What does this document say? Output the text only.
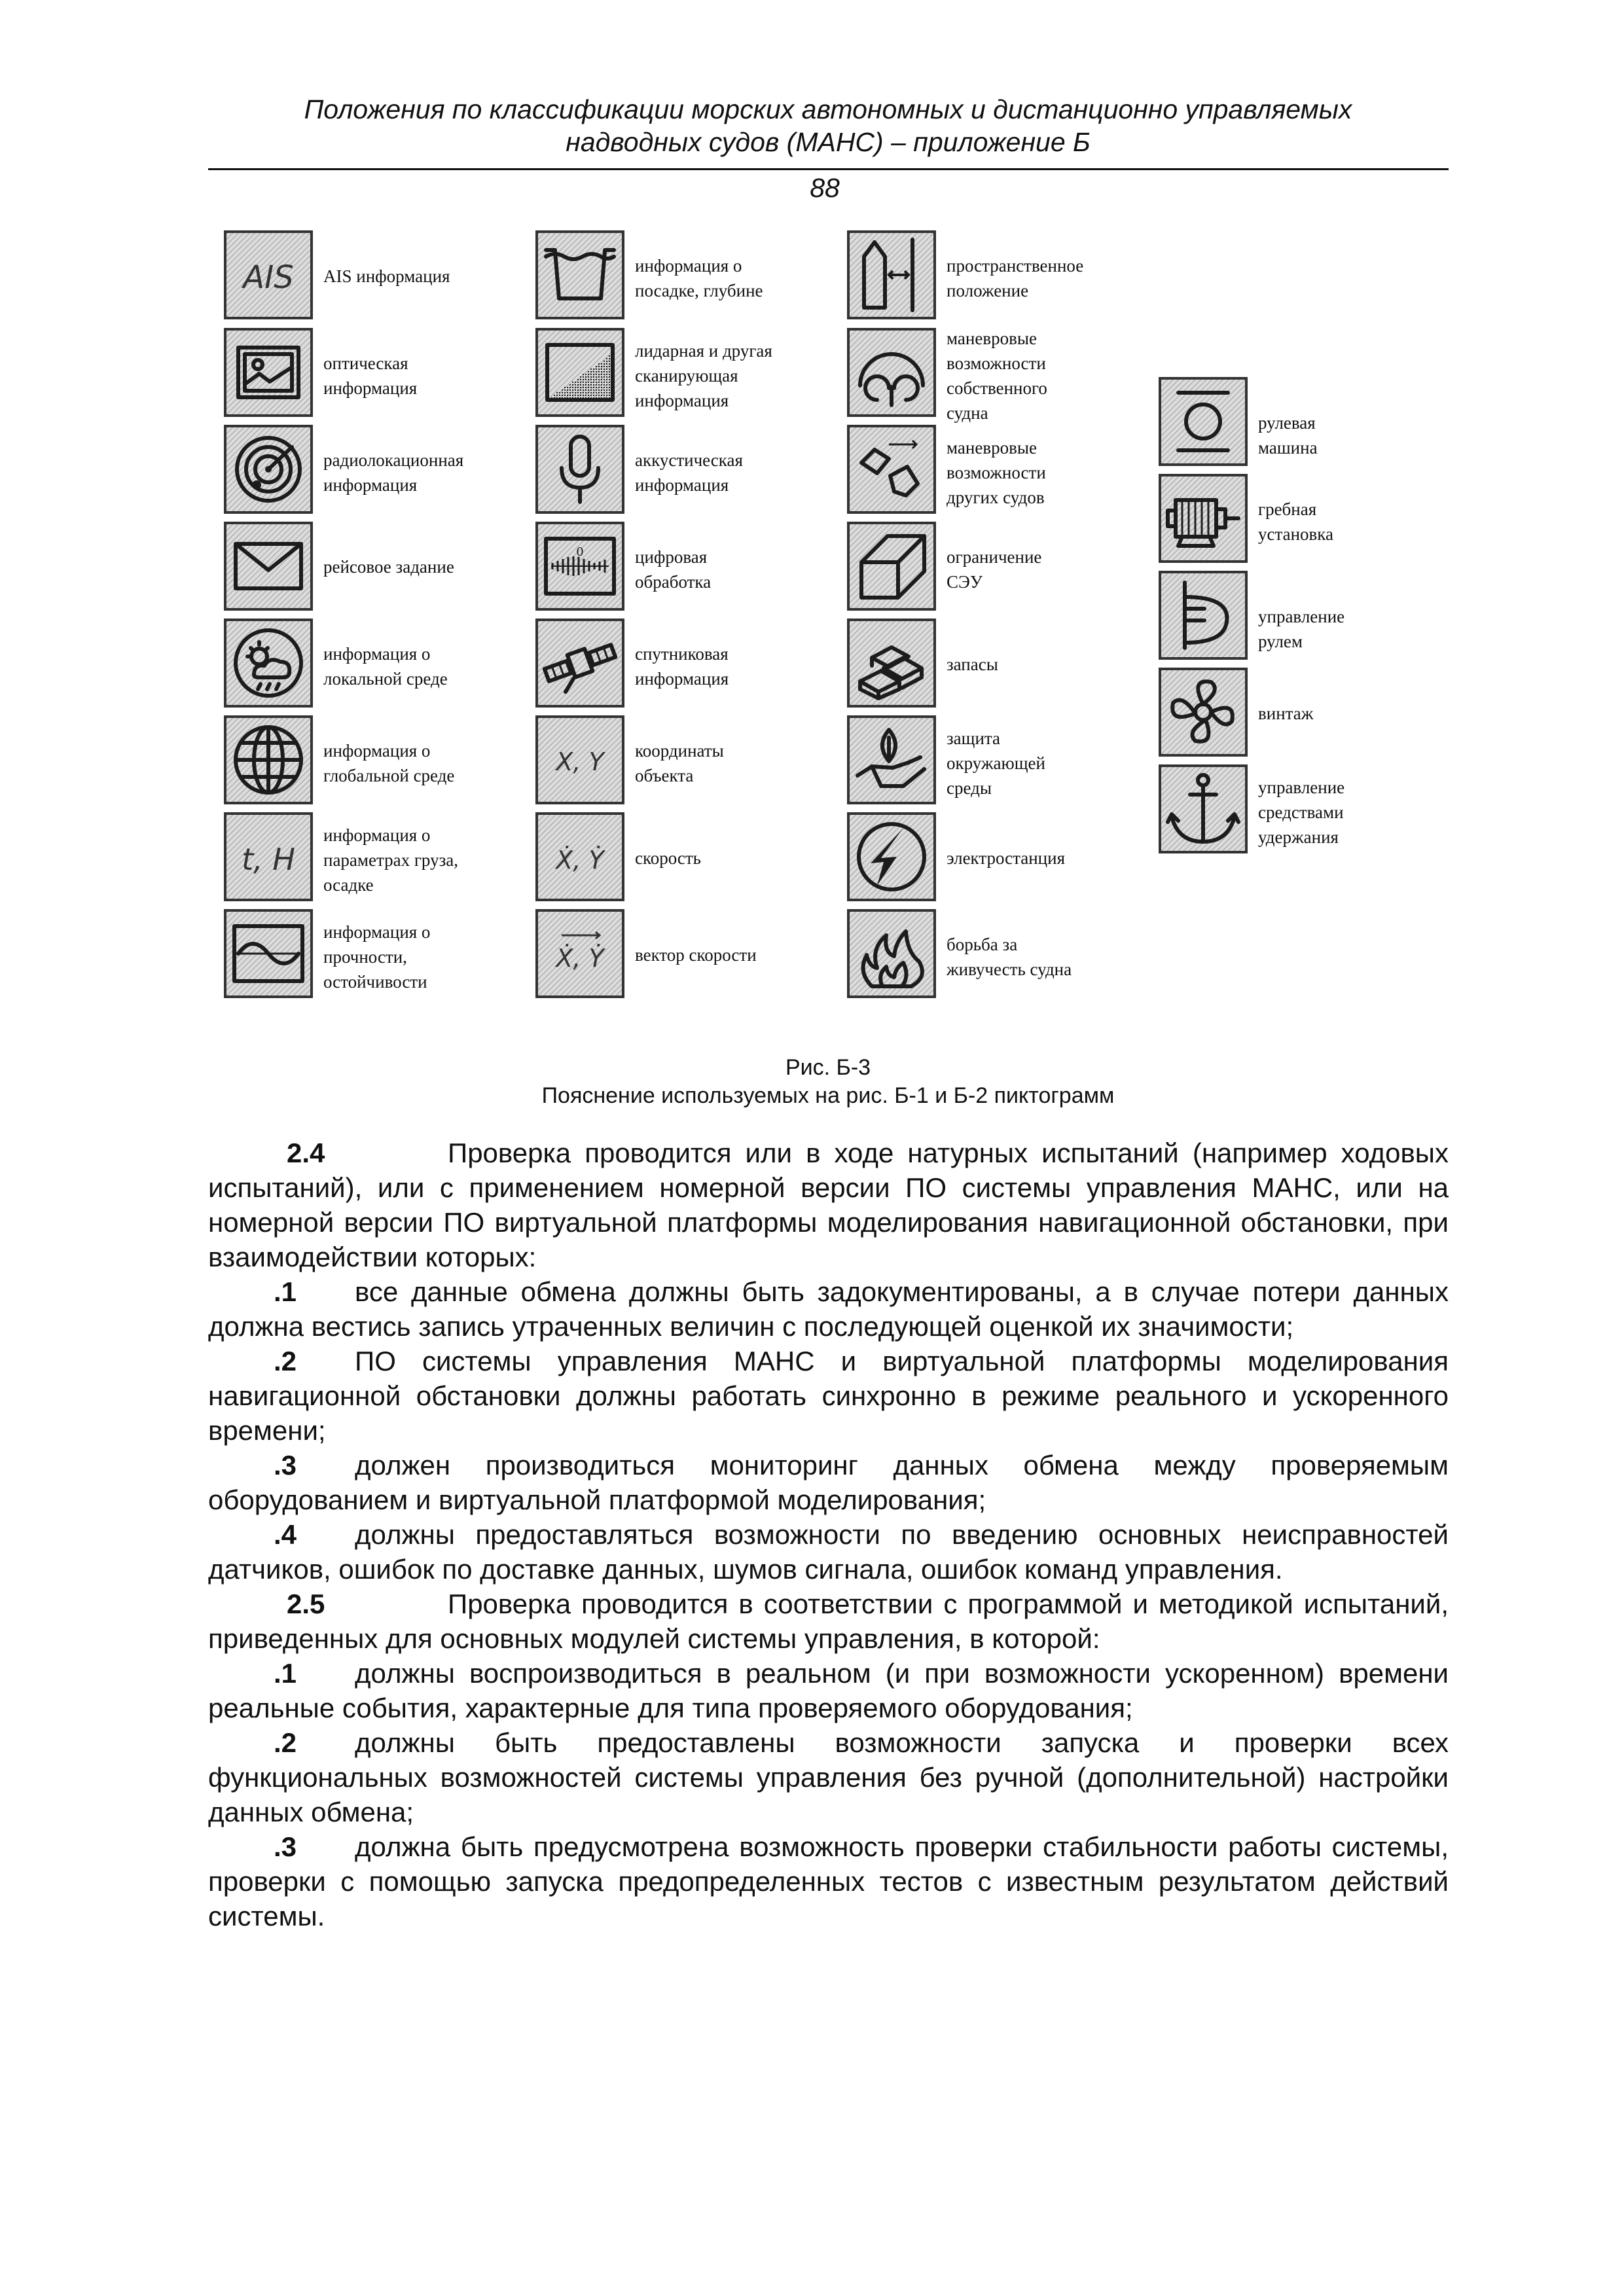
Положения по классификации морских автономных и дистанционно управляемых
надводных судов (МАНС) – приложение Б
88
AIS AIS информация
оптическая
информация
радиолокационная
информация
рейсовое задание
информация о
локальной среде
информация о
глобальной среде
t, H
информация о
параметрах груза,
осадке
информация о
прочности,
остойчивости
информация о
посадке, глубине
лидарная и другая
сканирующая
информация
аккустическая
информация
0	цифровая
обработка
спутниковая
информация
X, Y координаты
объекта
Ẋ, Ẏ скорость
Ẋ, Ẏ вектор скорости
пространственное
положение
маневровые
возможности
собственного
судна
маневровые
возможности
других судов
ограничение
СЭУ
запасы
защита
окружающей
среды
электростанция
борьба за
живучесть судна
рулевая машина
гребная
установка
управление рулем
винтаж
управление
средствами
удержания
Рис. Б-3
Пояснение используемых на рис. Б-1 и Б-2 пиктограмм

2.4	Проверка проводится или в ходе натурных испытаний (например ходовых испытаний), или с применением номерной версии ПО системы управления МАНС, или на номерной версии ПО виртуальной платформы моделирования навигационной обстановки, при взаимодействии которых:

.1 все данные обмена должны быть задокументированы, а в случае потери данных должна вестись запись утраченных величин с последующей оценкой их значимости;

.2 ПО системы управления МАНС и виртуальной платформы моделирования навигационной обстановки должны работать синхронно в режиме реального и ускоренного времени;

.3 должен производиться мониторинг данных обмена между проверяемым оборудованием и виртуальной платформой моделирования;

.4 должны предоставляться возможности по введению основных неисправностей датчиков, ошибок по доставке данных, шумов сигнала, ошибок команд управления.

2.5	Проверка проводится в соответствии с программой и методикой испытаний, приведенных для основных модулей системы управления, в которой:

.1 должны воспроизводиться в реальном (и при возможности ускоренном) времени реальные события, характерные для типа проверяемого оборудования;

.2 должны быть предоставлены возможности запуска и проверки всех функциональных возможностей системы управления без ручной (дополнительной) настройки данных обмена;

.3 должна быть предусмотрена возможность проверки стабильности работы системы, проверки с помощью запуска предопределенных тестов с известным результатом действий системы.
